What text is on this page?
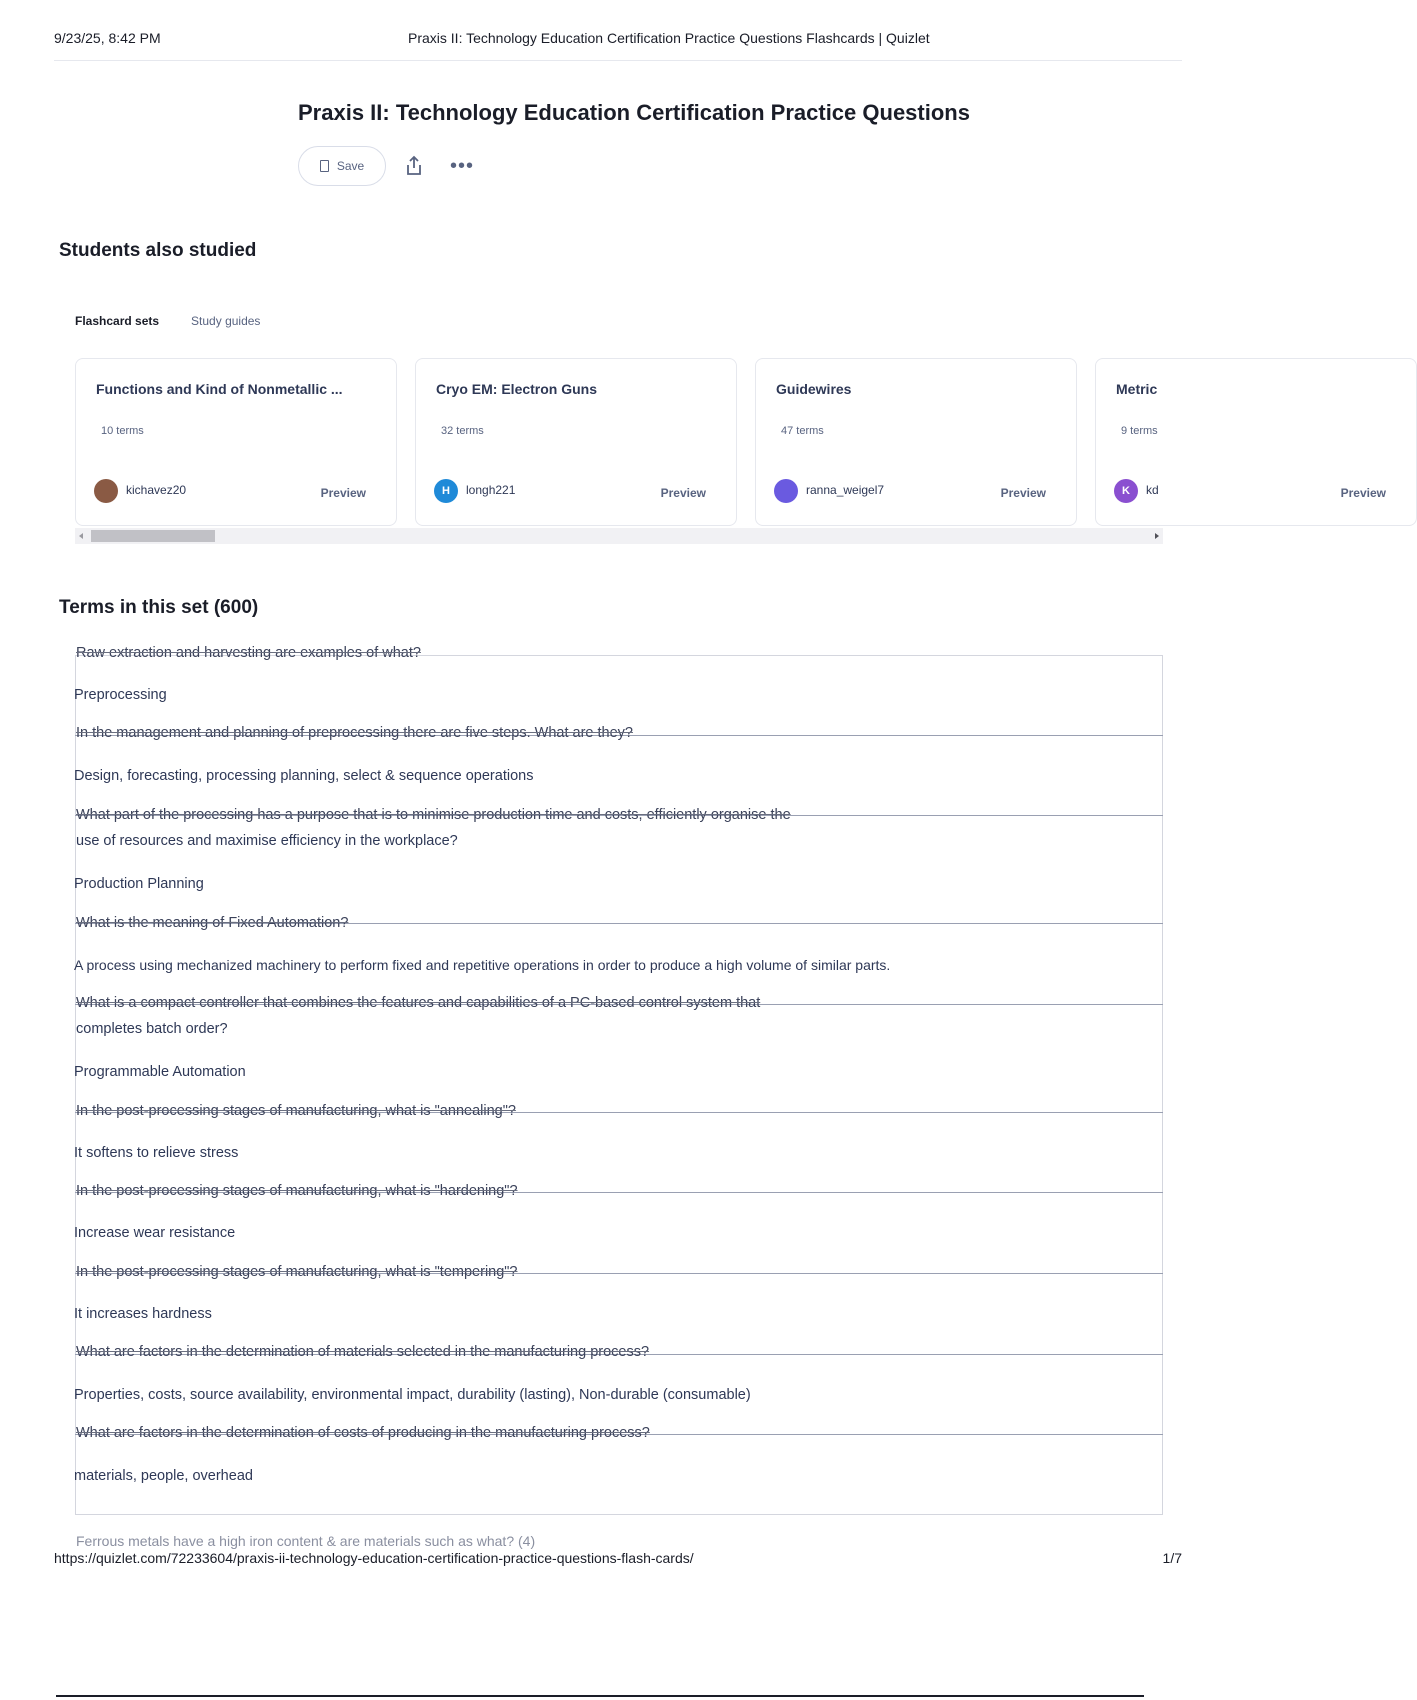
9/23/25, 8:42 PM	Praxis II: Technology Education Certification Practice Questions Flashcards | Quizlet
Praxis II: Technology Education Certification Practice Questions
Save	•••
Students also studied
Flashcard sets	Study guides
Functions and Kind of Nonmetallic ...
10 terms
kichavez20	Preview
Cryo EM: Electron Guns
32 terms
H	longh221	Preview
Guidewires
47 terms
ranna_weigel7	Preview
Metric
9 terms
K	kd	Preview
Terms in this set (600)
Raw extraction and harvesting are examples of what?
Preprocessing
In the management and planning of preprocessing there are five steps. What are they?
Design, forecasting, processing planning, select & sequence operations
What part of the processing has a purpose that is to minimise production time and costs, efficiently organise the
use of resources and maximise efficiency in the workplace?
Production Planning
What is the meaning of Fixed Automation?
A process using mechanized machinery to perform fixed and repetitive operations in order to produce a high volume of similar parts.
What is a compact controller that combines the features and capabilities of a PC-based control system that
completes batch order?
Programmable Automation
In the post-processing stages of manufacturing, what is "annealing"?
It softens to relieve stress
In the post-processing stages of manufacturing, what is "hardening"?
Increase wear resistance
In the post-processing stages of manufacturing, what is "tempering"?
It increases hardness
What are factors in the determination of materials selected in the manufacturing process?
Properties, costs, source availability, environmental impact, durability (lasting), Non-durable (consumable)
What are factors in the determination of costs of producing in the manufacturing process?
materials, people, overhead
Ferrous metals have a high iron content & are materials such as what? (4)
https://quizlet.com/72233604/praxis-ii-technology-education-certification-practice-questions-flash-cards/	1/7
